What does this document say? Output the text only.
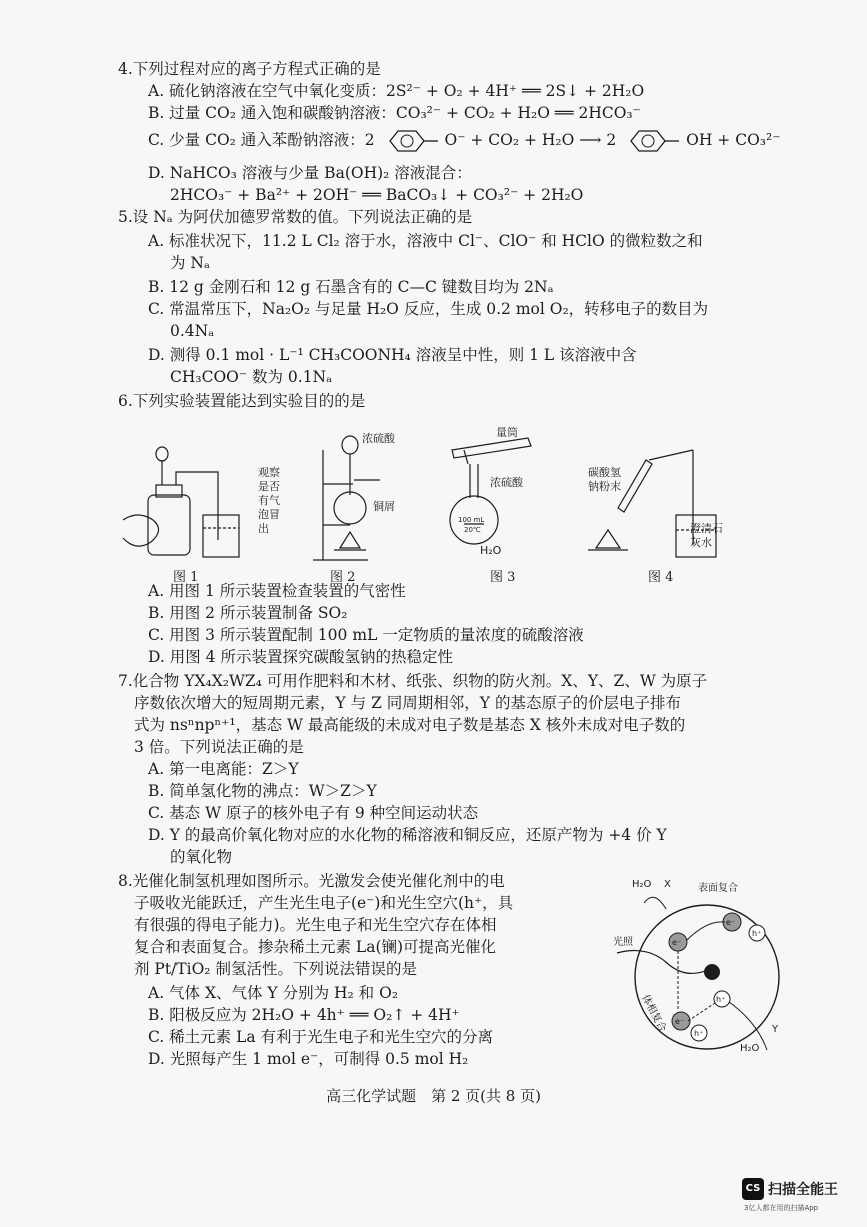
4.下列过程对应的离子方程式正确的是
A. 硫化钠溶液在空气中氧化变质：2S²⁻ + O₂ + 4H⁺ ══ 2S↓ + 2H₂O
B. 过量 CO₂ 通入饱和碳酸钠溶液：CO₃²⁻ + CO₂ + H₂O ══ 2HCO₃⁻
C. 少量 CO₂ 通入苯酚钠溶液：2	O⁻ + CO₂ + H₂O ⟶ 2	OH + CO₃²⁻
D. NaHCO₃ 溶液与少量 Ba(OH)₂ 溶液混合：
2HCO₃⁻ + Ba²⁺ + 2OH⁻ ══ BaCO₃↓ + CO₃²⁻ + 2H₂O
5.设 Nₐ 为阿伏加德罗常数的值。下列说法正确的是
A. 标准状况下，11.2 L Cl₂ 溶于水，溶液中 Cl⁻、ClO⁻ 和 HClO 的微粒数之和
为 Nₐ
B. 12 g 金刚石和 12 g 石墨含有的 C—C 键数目均为 2Nₐ
C. 常温常压下，Na₂O₂ 与足量 H₂O 反应，生成 0.2 mol O₂，转移电子的数目为
0.4Nₐ
D. 测得 0.1 mol · L⁻¹ CH₃COONH₄ 溶液呈中性，则 1 L 该溶液中含
CH₃COO⁻ 数为 0.1Nₐ
6.下列实验装置能达到实验目的的是
观察
是否
有气
泡冒
出
浓硫酸
铜屑
量筒
浓硫酸
100 mL
20℃
H₂O
碳酸氢
钠粉末
澄清石
灰水
图 1	图 2	图 3	图 4
A. 用图 1 所示装置检查装置的气密性
B. 用图 2 所示装置制备 SO₂
C. 用图 3 所示装置配制 100 mL 一定物质的量浓度的硫酸溶液
D. 用图 4 所示装置探究碳酸氢钠的热稳定性
7.化合物 YX₄X₂WZ₄ 可用作肥料和木材、纸张、织物的防火剂。X、Y、Z、W 为原子
序数依次增大的短周期元素，Y 与 Z 同周期相邻，Y 的基态原子的价层电子排布
式为 nsⁿnpⁿ⁺¹，基态 W 最高能级的未成对电子数是基态 X 核外未成对电子数的
3 倍。下列说法正确的是
A. 第一电离能：Z＞Y
B. 简单氢化物的沸点：W＞Z＞Y
C. 基态 W 原子的核外电子有 9 种空间运动状态
D. Y 的最高价氧化物对应的水化物的稀溶液和铜反应，还原产物为 +4 价 Y
的氧化物
8.光催化制氢机理如图所示。光激发会使光催化剂中的电
子吸收光能跃迁，产生光生电子(e⁻)和光生空穴(h⁺，具
有很强的得电子能力)。光生电子和光生空穴存在体相
复合和表面复合。掺杂稀土元素 La(镧)可提高光催化
剂 Pt/TiO₂ 制氢活性。下列说法错误的是
A. 气体 X、气体 Y 分别为 H₂ 和 O₂
B. 阳极反应为 2H₂O + 4h⁺ ══ O₂↑ + 4H⁺
C. 稀土元素 La 有利于光生电子和光生空穴的分离
D. 光照每产生 1 mol e⁻，可制得 0.5 mol H₂
表面复合
H₂O X
光照	e⁻
e⁻
h⁺
h⁺
e⁻
h⁺	Y
H₂O
体相复合
高三化学试题　第 2 页(共 8 页)
CS 扫描全能王
3亿人都在用的扫描App
